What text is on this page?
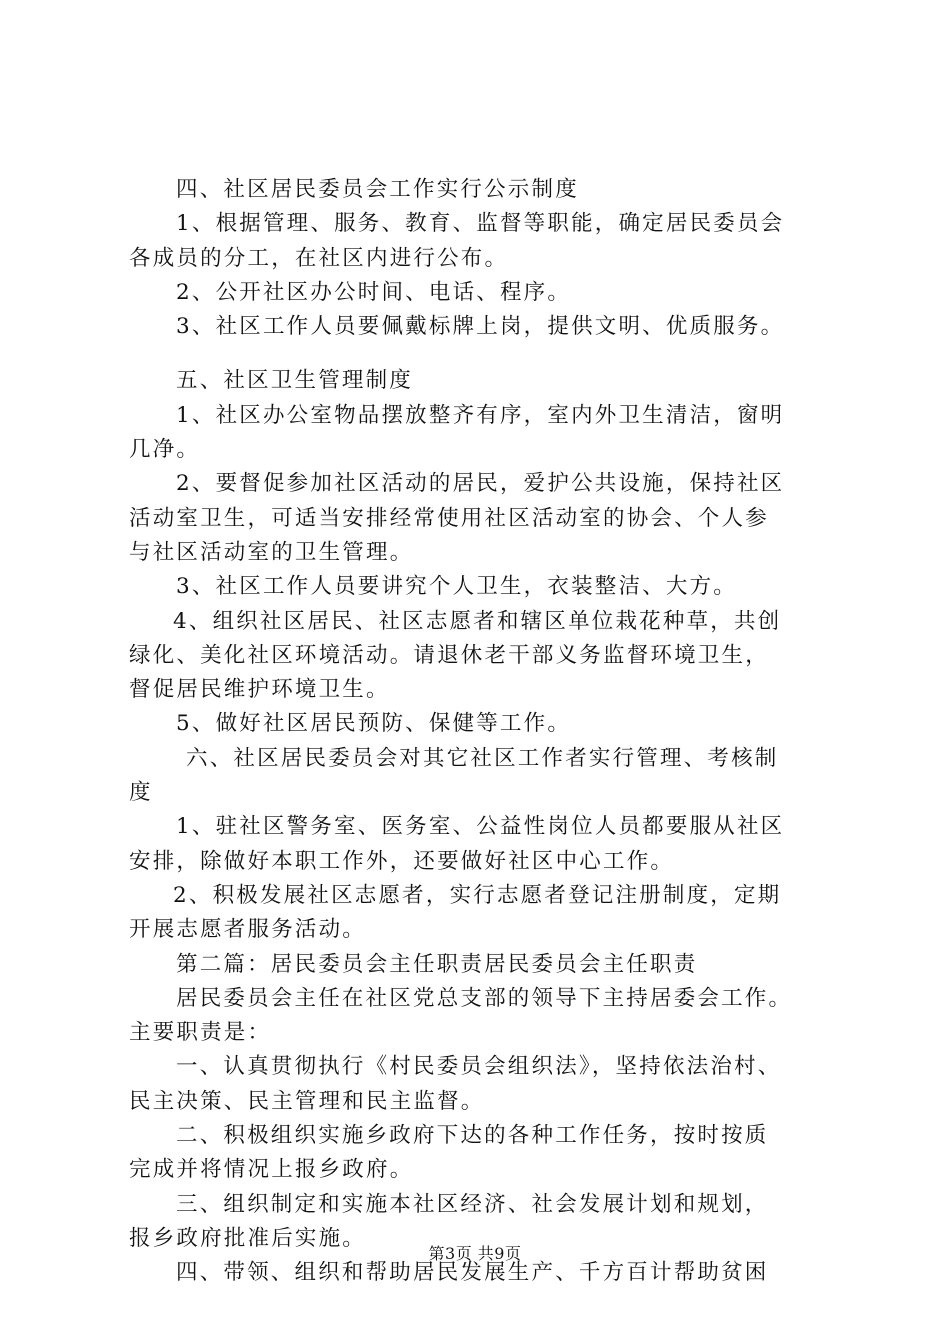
四、社区居民委员会工作实行公示制度
1、根据管理、服务、教育、监督等职能，确定居民委员会
各成员的分工，在社区内进行公布。
2、公开社区办公时间、电话、程序。
3、社区工作人员要佩戴标牌上岗，提供文明、优质服务。
五、社区卫生管理制度
1、社区办公室物品摆放整齐有序，室内外卫生清洁，窗明
几净。
2、要督促参加社区活动的居民，爱护公共设施，保持社区
活动室卫生，可适当安排经常使用社区活动室的协会、个人参
与社区活动室的卫生管理。
3、社区工作人员要讲究个人卫生，衣装整洁、大方。
4、组织社区居民、社区志愿者和辖区单位栽花种草，共创
绿化、美化社区环境活动。请退休老干部义务监督环境卫生，
督促居民维护环境卫生。
5、做好社区居民预防、保健等工作。
六、社区居民委员会对其它社区工作者实行管理、考核制
度
1、驻社区警务室、医务室、公益性岗位人员都要服从社区
安排，除做好本职工作外，还要做好社区中心工作。
2、积极发展社区志愿者，实行志愿者登记注册制度，定期
开展志愿者服务活动。
第二篇：居民委员会主任职责居民委员会主任职责
居民委员会主任在社区党总支部的领导下主持居委会工作。
主要职责是：
一、认真贯彻执行《村民委员会组织法》，坚持依法治村、
民主决策、民主管理和民主监督。
二、积极组织实施乡政府下达的各种工作任务，按时按质
完成并将情况上报乡政府。
三、组织制定和实施本社区经济、社会发展计划和规划，
报乡政府批准后实施。
四、带领、组织和帮助居民发展生产、千方百计帮助贫困
第3页 共9页
